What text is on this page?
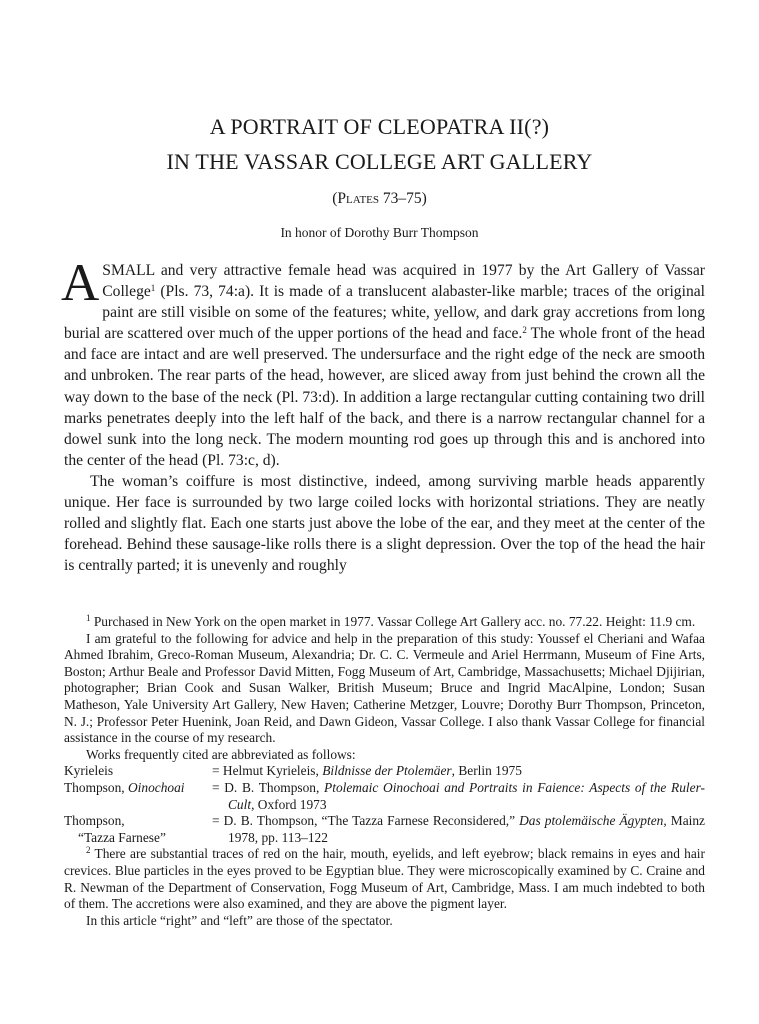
A PORTRAIT OF CLEOPATRA II(?)
IN THE VASSAR COLLEGE ART GALLERY
(Plates 73–75)
In honor of Dorothy Burr Thompson

ASMALL and very attractive female head was acquired in 1977 by the Art Gallery of Vassar College$^1$ (Pls. 73, 74:a). It is made of a translucent alabaster-like marble; traces of the original paint are still visible on some of the features; white, yellow, and dark gray accretions from long burial are scattered over much of the upper portions of the head and face.$^2$ The whole front of the head and face are intact and are well preserved. The undersurface and the right edge of the neck are smooth and unbroken. The rear parts of the head, however, are sliced away from just behind the crown all the way down to the base of the neck (Pl. 73:d). In addition a large rectangular cutting containing two drill marks penetrates deeply into the left half of the back, and there is a narrow rectangular channel for a dowel sunk into the long neck. The modern mounting rod goes up through this and is anchored into the center of the head (Pl. 73:c, d).

The woman’s coiffure is most distinctive, indeed, among surviving marble heads apparently unique. Her face is surrounded by two large coiled locks with horizontal striations. They are neatly rolled and slightly flat. Each one starts just above the lobe of the ear, and they meet at the center of the forehead. Behind these sausage-like rolls there is a slight depression. Over the top of the head the hair is centrally parted; it is unevenly and roughly

$^1$ Purchased in New York on the open market in 1977. Vassar College Art Gallery acc. no. 77.22. Height: 11.9 cm.

I am grateful to the following for advice and help in the preparation of this study: Youssef el Cheriani and Wafaa Ahmed Ibrahim, Greco-Roman Museum, Alexandria; Dr. C. C. Vermeule and Ariel Herrmann, Museum of Fine Arts, Boston; Arthur Beale and Professor David Mitten, Fogg Museum of Art, Cambridge, Massachusetts; Michael Djijirian, photographer; Brian Cook and Susan Walker, British Museum; Bruce and Ingrid MacAlpine, London; Susan Matheson, Yale University Art Gallery, New Haven; Catherine Metzger, Louvre; Dorothy Burr Thompson, Princeton, N. J.; Professor Peter Huenink, Joan Reid, and Dawn Gideon, Vassar College. I also thank Vassar College for financial assistance in the course of my research.

Works frequently cited are abbreviated as follows:

Kyrieleis	= Helmut Kyrieleis, Bildnisse der Ptolemäer, Berlin 1975
Thompson, Oinochoai	= D. B. Thompson, Ptolemaic Oinochoai and Portraits in Faience: Aspects of the Ruler-Cult, Oxford 1973
Thompson,
“Tazza Farnese”
= D. B. Thompson, “The Tazza Farnese Reconsidered,” Das ptolemäische Ägypten, Mainz 1978, pp. 113–122

$^2$ There are substantial traces of red on the hair, mouth, eyelids, and left eyebrow; black remains in eyes and hair crevices. Blue particles in the eyes proved to be Egyptian blue. They were microscopically examined by C. Craine and R. Newman of the Department of Conservation, Fogg Museum of Art, Cambridge, Mass. I am much indebted to both of them. The accretions were also examined, and they are above the pigment layer.

In this article “right” and “left” are those of the spectator.
